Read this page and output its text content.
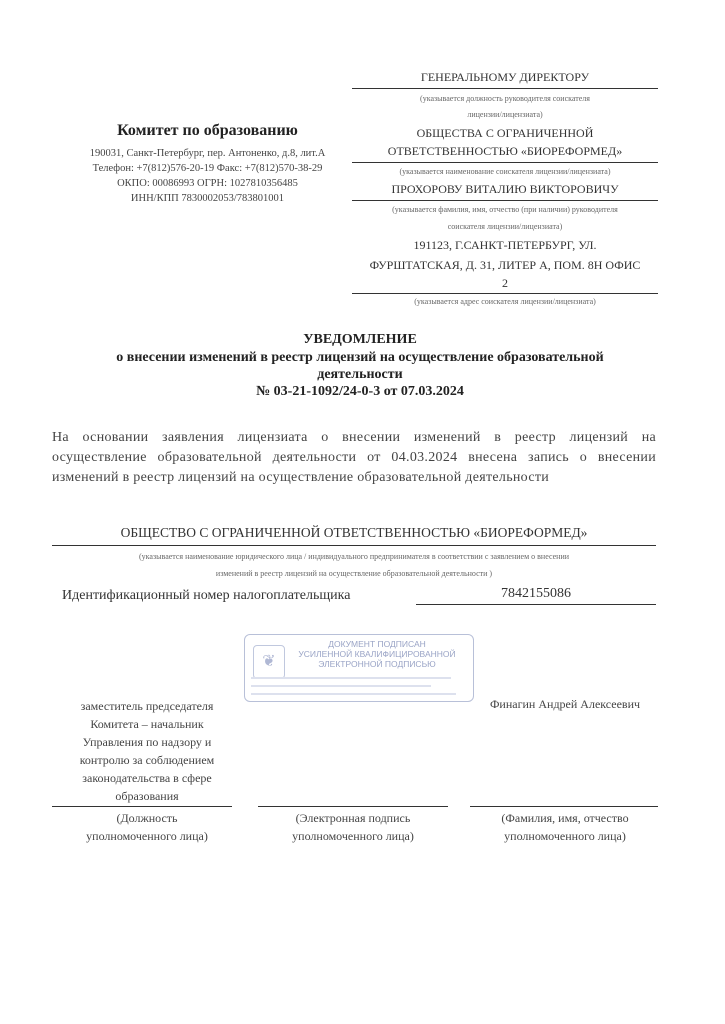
Комитет по образованию
190031, Санкт-Петербург, пер. Антоненко, д.8, лит.А
Телефон: +7(812)576-20-19 Факс: +7(812)570-38-29
ОКПО: 00086993 ОГРН: 1027810356485
ИНН/КПП 7830002053/783801001
ГЕНЕРАЛЬНОМУ ДИРЕКТОРУ
(указывается должность руководителя соискателя
лицензии/лицензиата)
ОБЩЕСТВА С ОГРАНИЧЕННОЙ
ОТВЕТСТВЕННОСТЬЮ «БИОРЕФОРМЕД»
(указывается наименование соискателя лицензии/лицензиата)
ПРОХОРОВУ ВИТАЛИЮ ВИКТОРОВИЧУ
(указывается фамилия, имя, отчество (при наличии) руководителя
соискателя лицензии/лицензиата)
191123, Г.САНКТ-ПЕТЕРБУРГ, УЛ.
ФУРШТАТСКАЯ, Д. 31, ЛИТЕР А, ПОМ. 8Н ОФИС
2
(указывается адрес соискателя лицензии/лицензиата)
УВЕДОМЛЕНИЕ
о внесении изменений в реестр лицензий на осуществление образовательной
деятельности
№ 03-21-1092/24-0-3 от 07.03.2024
На основании заявления лицензиата о внесении изменений в реестр лицензий на осуществление образовательной деятельности от 04.03.2024 внесена запись о внесении изменений в реестр лицензий на осуществление образовательной деятельности
ОБЩЕСТВО С ОГРАНИЧЕННОЙ ОТВЕТСТВЕННОСТЬЮ «БИОРЕФОРМЕД»
(указывается наименование юридического лица / индивидуального предпринимателя в соответствии с заявлением о внесении
изменений в реестр лицензий на осуществление образовательной деятельности )
Идентификационный номер налогоплательщика	7842155086
❦
ДОКУМЕНТ ПОДПИСАН
УСИЛЕННОЙ КВАЛИФИЦИРОВАННОЙ
ЭЛЕКТРОННОЙ ПОДПИСЬЮ
заместитель председателя
Комитета – начальник
Управления по надзору и
контролю за соблюдением
законодательства в сфере
образования
Финагин Андрей Алексеевич
(Должность
уполномоченного лица)
(Электронная подпись
уполномоченного лица)
(Фамилия, имя, отчество
уполномоченного лица)
